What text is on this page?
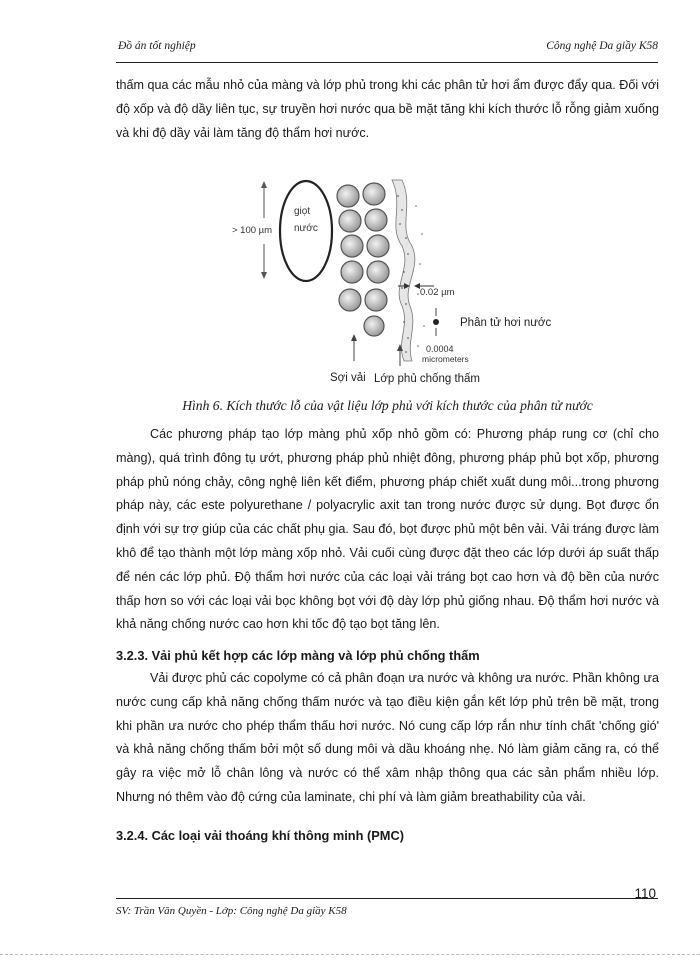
Đồ án tốt nghiệp	Công nghệ Da giầy K58

thấm qua các mẫu nhỏ của màng và lớp phủ trong khi các phân tử hơi ẩm được đẩy qua. Đối với độ xốp và độ dầy liên tục, sự truyền hơi nước qua bề mặt tăng khi kích thước lỗ rỗng giảm xuống và khi độ dầy vải làm tăng độ thẩm hơi nước.

> 100 µm
giọt
nước
0.02 µm
Phân tử hơi nước
0.0004
micrometers
Sợi vải Lớp phủ chống thấm

Hình 6. Kích thước lỗ của vật liệu lớp phủ với kích thước của phân tử nước

Các phương pháp tạo lớp màng phủ xốp nhỏ gồm có: Phương pháp rung cơ (chỉ cho màng), quá trình đông tụ ướt, phương pháp phủ nhiệt đông, phương pháp phủ bọt xốp, phương pháp phủ nóng chảy, công nghệ liên kết điểm, phương pháp chiết xuất dung môi...trong phương pháp này, các este polyurethane / polyacrylic axit tan trong nước được sử dụng. Bọt được ổn định với sự trợ giúp của các chất phụ gia. Sau đó, bọt được phủ một bên vải. Vải tráng được làm khô để tạo thành một lớp màng xốp nhỏ. Vải cuối cùng được đặt theo các lớp dưới áp suất thấp để nén các lớp phủ. Độ thẩm hơi nước của các loại vải tráng bọt cao hơn và độ bền của nước thấp hơn so với các loại vải bọc không bọt với độ dày lớp phủ giống nhau. Độ thẩm hơi nước và khả năng chống nước cao hơn khi tốc độ tạo bọt tăng lên.

3.2.3. Vải phủ kết hợp các lớp màng và lớp phủ chống thấm

Vải được phủ các copolyme có cả phân đoạn ưa nước và không ưa nước. Phần không ưa nước cung cấp khả năng chống thấm nước và tạo điều kiện gắn kết lớp phủ trên bề mặt, trong khi phần ưa nước cho phép thẩm thấu hơi nước. Nó cung cấp lớp rắn như tính chất 'chống gió' và khả năng chống thấm bởi một số dung môi và dầu khoáng nhẹ. Nó làm giảm căng ra, có thể gây ra việc mở lỗ chân lông và nước có thể xâm nhập thông qua các sản phẩm nhiều lớp. Nhưng nó thêm vào độ cứng của laminate, chi phí và làm giảm breathability của vải.

3.2.4. Các loại vải thoáng khí thông minh (PMC)

110
SV: Trần Văn Quyền - Lớp: Công nghệ Da giầy K58
